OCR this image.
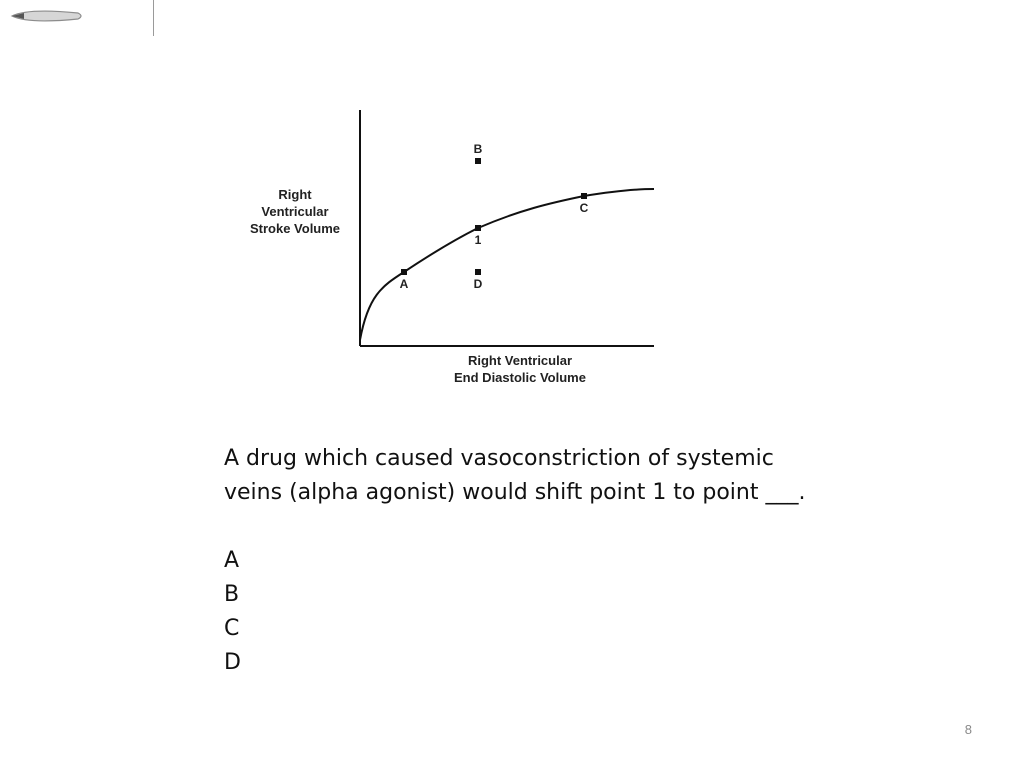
Right
Ventricular
Stroke Volume
Right Ventricular
End Diastolic Volume
A
B
C
1
D

A drug which caused vasoconstriction of systemic
veins (alpha agonist) would shift point 1 to point ___.

A
B
C
D
8
